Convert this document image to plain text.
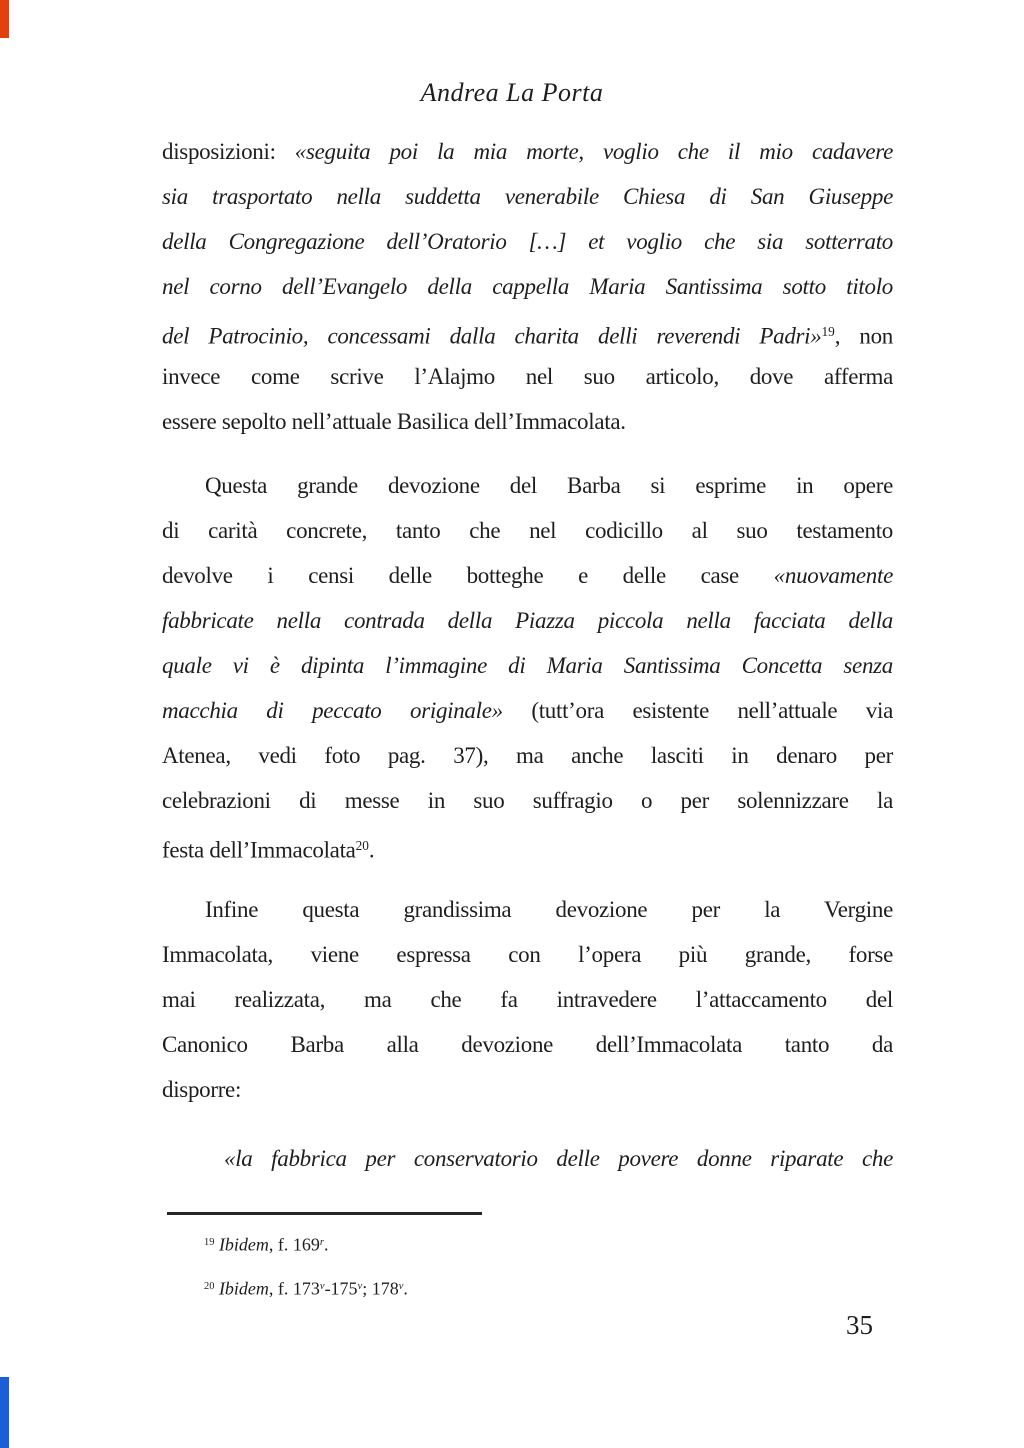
Andrea La Porta
disposizioni: «seguita poi la mia morte, voglio che il mio cadavere
sia trasportato nella suddetta venerabile Chiesa di San Giuseppe
della Congregazione dell’Oratorio […] et voglio che sia sotterrato
nel corno dell’Evangelo della cappella Maria Santissima sotto titolo
del Patrocinio, concessami dalla charita delli reverendi Padri»$^{19}$, non
invece come scrive l’Alajmo nel suo articolo, dove afferma
essere sepolto nell’attuale Basilica dell’Immacolata.
Questa grande devozione del Barba si esprime in opere
di carità concrete, tanto che nel codicillo al suo testamento
devolve i censi delle botteghe e delle case «nuovamente
fabbricate nella contrada della Piazza piccola nella facciata della
quale vi è dipinta l’immagine di Maria Santissima Concetta senza
macchia di peccato originale» (tutt’ora esistente nell’attuale via
Atenea, vedi foto pag. 37), ma anche lasciti in denaro per
celebrazioni di messe in suo suffragio o per solennizzare la
festa dell’Immacolata$^{20}$.
Infine questa grandissima devozione per la Vergine
Immacolata, viene espressa con l’opera più grande, forse
mai realizzata, ma che fa intravedere l’attaccamento del
Canonico Barba alla devozione dell’Immacolata tanto da
disporre:
«la fabbrica per conservatorio delle povere donne riparate che
$^{19}$ Ibidem, f. 169$^r$.
$^{20}$ Ibidem, f. 173$^v$-175$^v$; 178$^v$.
35
